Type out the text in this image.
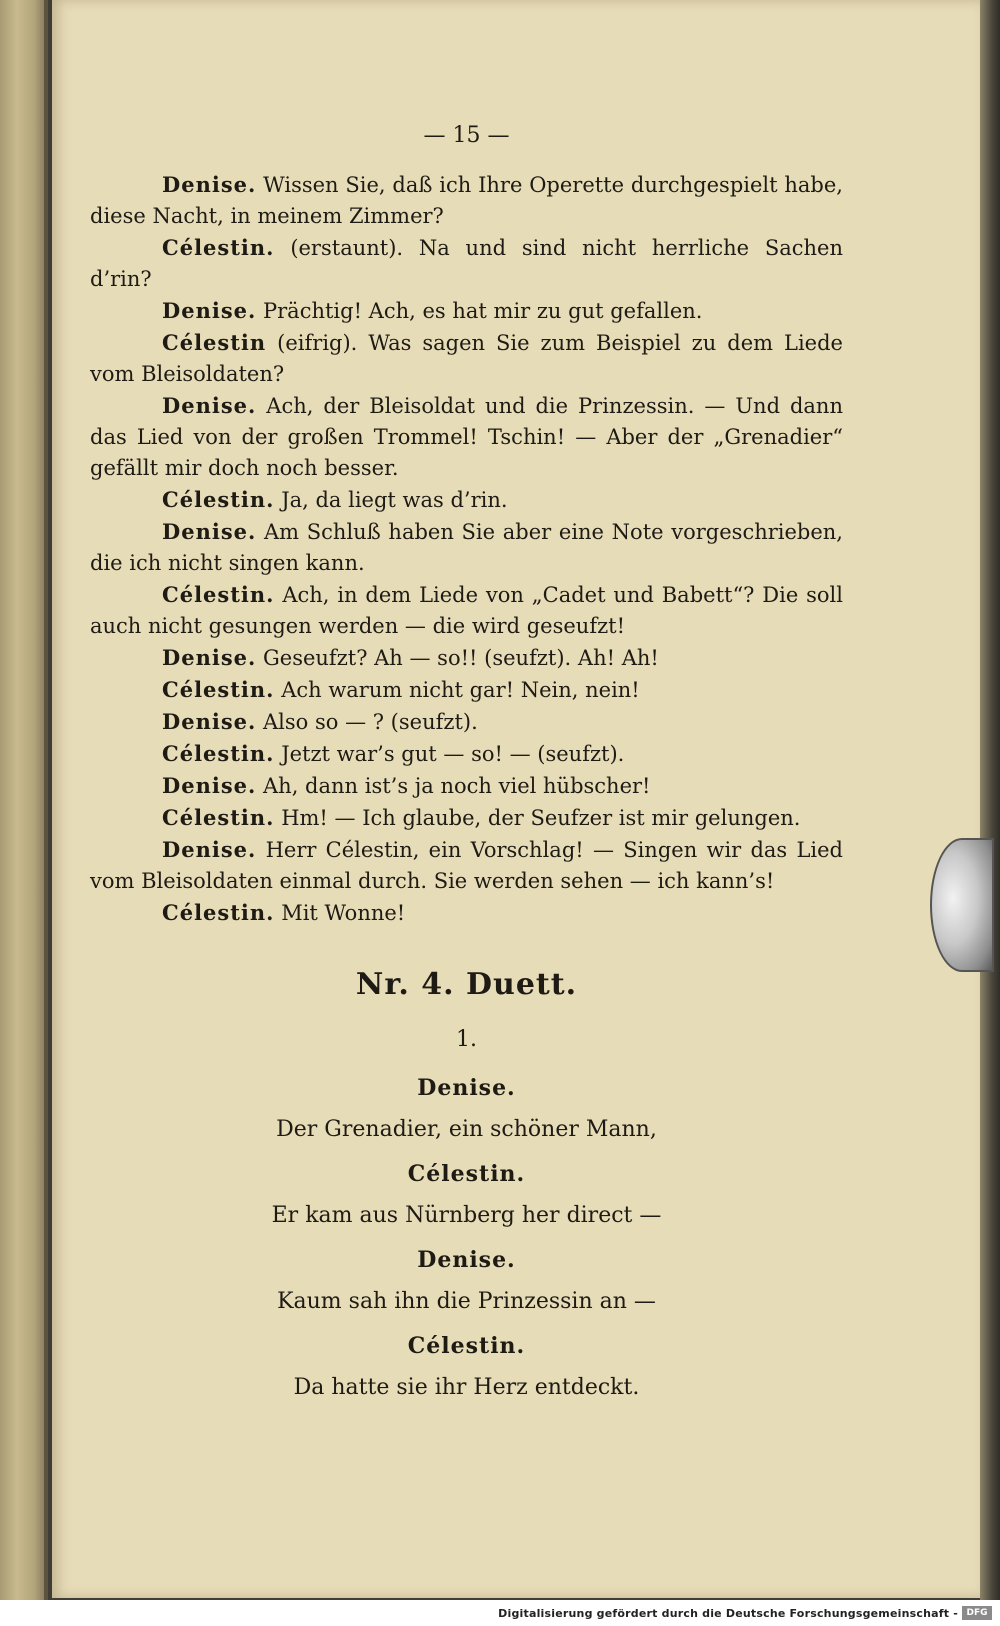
— 15 —

Denise. Wissen Sie, daß ich Ihre Operette durchgespielt habe, diese Nacht, in meinem Zimmer?

Célestin. (erstaunt). Na und sind nicht herrliche Sachen d’rin?

Denise. Prächtig! Ach, es hat mir zu gut gefallen.

Célestin (eifrig). Was sagen Sie zum Beispiel zu dem Liede vom Bleisoldaten?

Denise. Ach, der Bleisoldat und die Prinzessin. — Und dann das Lied von der großen Trommel! Tschin! — Aber der „Grenadier“ gefällt mir doch noch besser.

Célestin. Ja, da liegt was d’rin.

Denise. Am Schluß haben Sie aber eine Note vorgeschrieben, die ich nicht singen kann.

Célestin. Ach, in dem Liede von „Cadet und Babett“? Die soll auch nicht gesungen werden — die wird geseufzt!

Denise. Geseufzt? Ah — so!! (seufzt). Ah! Ah!

Célestin. Ach warum nicht gar! Nein, nein!

Denise. Also so — ? (seufzt).

Célestin. Jetzt war’s gut — so! — (seufzt).

Denise. Ah, dann ist’s ja noch viel hübscher!

Célestin. Hm! — Ich glaube, der Seufzer ist mir gelungen.

Denise. Herr Célestin, ein Vorschlag! — Singen wir das Lied vom Bleisoldaten einmal durch. Sie werden sehen — ich kann’s!

Célestin. Mit Wonne!

Nr. 4. Duett.
1.
Denise.
Der Grenadier, ein schöner Mann,
Célestin.
Er kam aus Nürnberg her direct —
Denise.
Kaum sah ihn die Prinzessin an —
Célestin.
Da hatte sie ihr Herz entdeckt.
Digitalisierung gefördert durch die Deutsche Forschungsgemeinschaft - DFG
